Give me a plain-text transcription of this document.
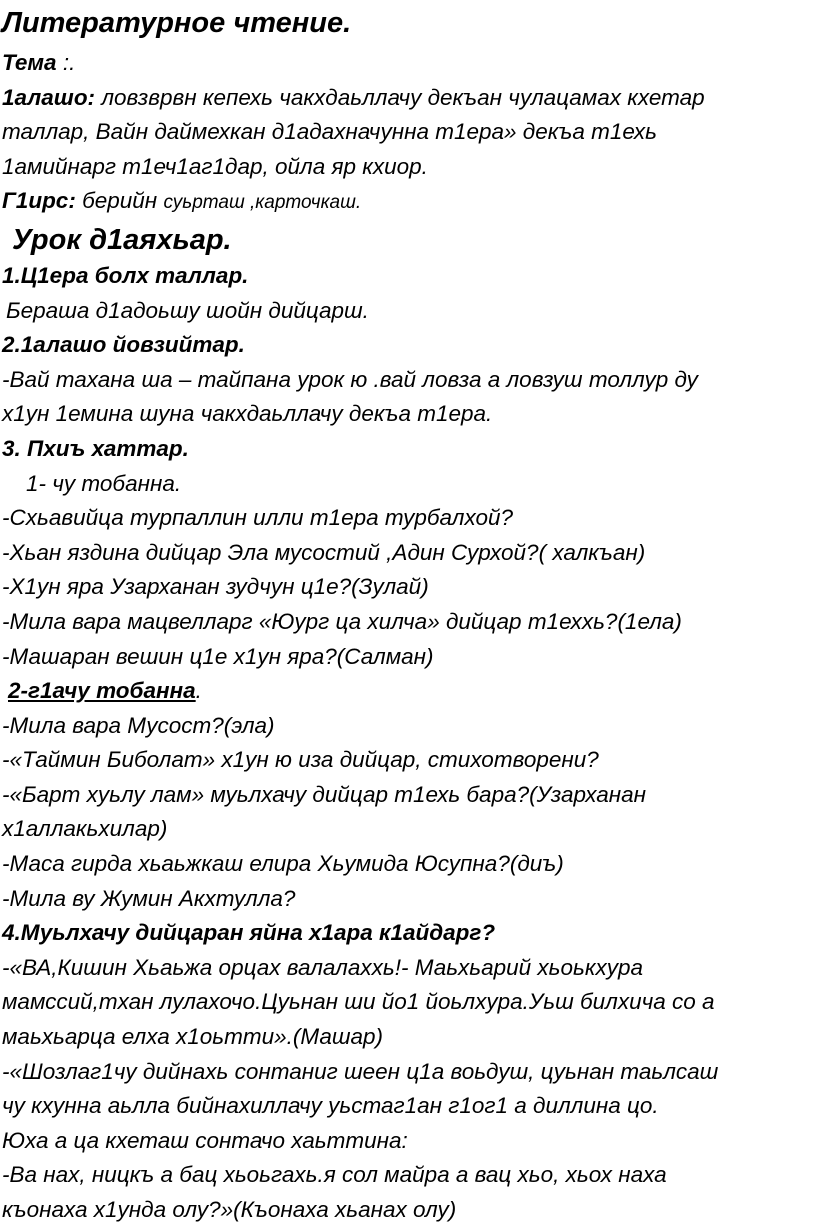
Литературное чтение.

Тема :.

1алашо: ловзврвн кепехь чакхдаьллачу декъан чулацамах кхетар

таллар, Вайн даймехкан д1адахначунна т1ера» декъа т1ехь

1амийнарг т1еч1аг1дар, ойла яр кхиор.

Г1ирс: берийн суьрташ ,карточкаш.

Урок д1аяхьар.

1.Ц1ера болх таллар.

Бераша д1адоьшу шойн дийцарш.

2.1алашо йовзийтар.

-Вай тахана ша – тайпана урок ю .вай ловза а ловзуш толлур ду

х1ун 1емина шуна чакхдаьллачу декъа т1ера.

3. Пхиъ хаттар.

1- чу тобанна.

-Схьавийца турпаллин илли т1ера турбалхой?

-Хьан яздина дийцар Эла мусостий ,Адин Сурхой?( халкъан)

-Х1ун яра Узарханан зудчун ц1е?(Зулай)

-Мила вара мацвелларг «Юург ца хилча» дийцар т1еххь?(1ела)

-Машаран вешин ц1е х1ун яра?(Салман)

2-г1ачу тобанна.

-Мила вара Мусост?(эла)

-«Таймин Биболат» х1ун ю иза дийцар, стихотворени?

-«Барт хуьлу лам» муьлхачу дийцар т1ехь бара?(Узарханан

х1аллакьхилар)

-Маса гирда хьаьжкаш елира Хьумида Юсупна?(диъ)

-Мила ву Жумин Акхтулла?

4.Муьлхачу дийцаран яйна х1ара к1айдарг?

-«ВА,Кишин Хьаьжа орцах валалаххь!- Маьхьарий хьоькхура

мамссий,тхан лулахочо.Цуьнан ши йо1 йоьлхура.Уьш билхича со а

маьхьарца елха х1оьтти».(Машар)

-«Шозлаг1чу дийнахь сонтаниг шеен ц1а воьдуш, цуьнан таьлсаш

чу кхунна аьлла бийнахиллачу уьстаг1ан г1ог1 а диллина цо.

Юха а ца кхеташ сонтачо хаьттина:

-Ва нах, ницкъ а бац хьоьгахь.я сол майра а вац хьо, хьох наха

къонаха х1унда олу?»(Къонаха хьанах олу)
